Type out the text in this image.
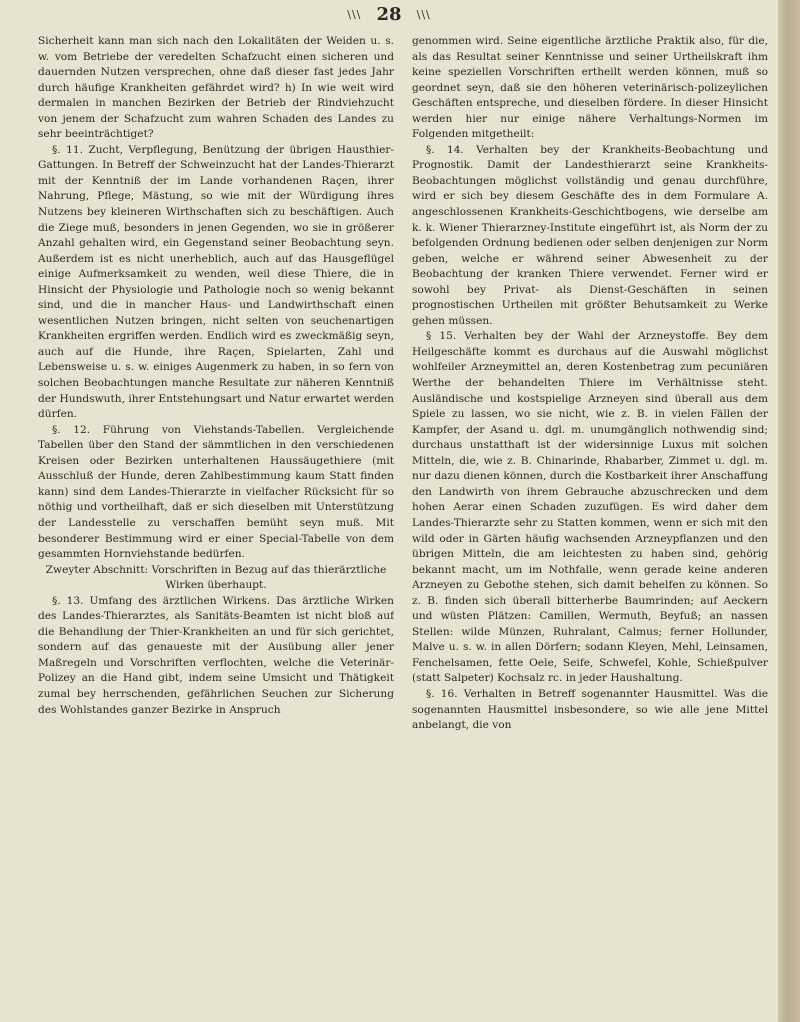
\\\ 28 \\\

Sicherheit kann man sich nach den Lokalitäten der Weiden u. s. w. vom Betriebe der veredelten Schafzucht einen sicheren und dauernden Nutzen versprechen, ohne daß dieser fast jedes Jahr durch häufige Krankheiten gefährdet wird? h) In wie weit wird dermalen in manchen Bezirken der Betrieb der Rindviehzucht von jenem der Schafzucht zum wahren Schaden des Landes zu sehr beeinträchtiget?

§. 11. Zucht, Verpflegung, Benützung der übrigen Hausthier-Gattungen. In Betreff der Schweinzucht hat der Landes-Thierarzt mit der Kenntniß der im Lande vorhandenen Raçen, ihrer Nahrung, Pflege, Mästung, so wie mit der Würdigung ihres Nutzens bey kleineren Wirthschaften sich zu beschäftigen. Auch die Ziege muß, besonders in jenen Gegenden, wo sie in größerer Anzahl gehalten wird, ein Gegenstand seiner Beobachtung seyn. Außerdem ist es nicht unerheblich, auch auf das Hausgeflügel einige Aufmerksamkeit zu wenden, weil diese Thiere, die in Hinsicht der Physiologie und Pathologie noch so wenig bekannt sind, und die in mancher Haus- und Landwirthschaft einen wesentlichen Nutzen bringen, nicht selten von seuchenartigen Krankheiten ergriffen werden. Endlich wird es zweckmäßig seyn, auch auf die Hunde, ihre Raçen, Spielarten, Zahl und Lebensweise u. s. w. einiges Augenmerk zu haben, in so fern von solchen Beobachtungen manche Resultate zur näheren Kenntniß der Hundswuth, ihrer Entstehungsart und Natur erwartet werden dürfen.

§. 12. Führung von Viehstands-Tabellen. Vergleichende Tabellen über den Stand der sämmtlichen in den verschiedenen Kreisen oder Bezirken unterhaltenen Haussäugethiere (mit Ausschluß der Hunde, deren Zahlbestimmung kaum Statt finden kann) sind dem Landes-Thierarzte in vielfacher Rücksicht für so nöthig und vortheilhaft, daß er sich dieselben mit Unterstützung der Landesstelle zu verschaffen bemüht seyn muß. Mit besonderer Bestimmung wird er einer Special-Tabelle von dem gesammten Hornviehstande bedürfen.

Zweyter Abschnitt: Vorschriften in Bezug auf das thierärztliche Wirken überhaupt.

§. 13. Umfang des ärztlichen Wirkens. Das ärztliche Wirken des Landes-Thierarztes, als Sanitäts-Beamten ist nicht bloß auf die Behandlung der Thier-Krankheiten an und für sich gerichtet, sondern auf das genaueste mit der Ausübung aller jener Maßregeln und Vorschriften verflochten, welche die Veterinär-Polizey an die Hand gibt, indem seine Umsicht und Thätigkeit zumal bey herrschenden, gefährlichen Seuchen zur Sicherung des Wohlstandes ganzer Bezirke in Anspruch

genommen wird. Seine eigentliche ärztliche Praktik also, für die, als das Resultat seiner Kenntnisse und seiner Urtheilskraft ihm keine speziellen Vorschriften ertheilt werden können, muß so geordnet seyn, daß sie den höheren veterinärisch-polizeylichen Geschäften entspreche, und dieselben fördere. In dieser Hinsicht werden hier nur einige nähere Verhaltungs-Normen im Folgenden mitgetheilt:

§. 14. Verhalten bey der Krankheits-Beobachtung und Prognostik. Damit der Landesthierarzt seine Krankheits-Beobachtungen möglichst vollständig und genau durchführe, wird er sich bey diesem Geschäfte des in dem Formulare A. angeschlossenen Krankheits-Geschichtbogens, wie derselbe am k. k. Wiener Thierarzney-Institute eingeführt ist, als Norm der zu befolgenden Ordnung bedienen oder selben denjenigen zur Norm geben, welche er während seiner Abwesenheit zu der Beobachtung der kranken Thiere verwendet. Ferner wird er sowohl bey Privat- als Dienst-Geschäften in seinen prognostischen Urtheilen mit größter Behutsamkeit zu Werke gehen müssen.

§ 15. Verhalten bey der Wahl der Arzneystoffe. Bey dem Heilgeschäfte kommt es durchaus auf die Auswahl möglichst wohlfeiler Arzneymittel an, deren Kostenbetrag zum pecuniären Werthe der behandelten Thiere im Verhältnisse steht. Ausländische und kostspielige Arzneyen sind überall aus dem Spiele zu lassen, wo sie nicht, wie z. B. in vielen Fällen der Kampfer, der Asand u. dgl. m. unumgänglich nothwendig sind; durchaus unstatthaft ist der widersinnige Luxus mit solchen Mitteln, die, wie z. B. Chinarinde, Rhabarber, Zimmet u. dgl. m. nur dazu dienen können, durch die Kostbarkeit ihrer Anschaffung den Landwirth von ihrem Gebrauche abzuschrecken und dem hohen Aerar einen Schaden zuzufügen. Es wird daher dem Landes-Thierarzte sehr zu Statten kommen, wenn er sich mit den wild oder in Gärten häufig wachsenden Arzneypflanzen und den übrigen Mitteln, die am leichtesten zu haben sind, gehörig bekannt macht, um im Nothfalle, wenn gerade keine anderen Arzneyen zu Gebothe stehen, sich damit behelfen zu können. So z. B. finden sich überall bitterherbe Baumrinden; auf Aeckern und wüsten Plätzen: Camillen, Wermuth, Beyfuß; an nassen Stellen: wilde Münzen, Ruhralant, Calmus; ferner Hollunder, Malve u. s. w. in allen Dörfern; sodann Kleyen, Mehl, Leinsamen, Fenchelsamen, fette Oele, Seife, Schwefel, Kohle, Schießpulver (statt Salpeter) Kochsalz rc. in jeder Haushaltung.

§. 16. Verhalten in Betreff sogenannter Hausmittel. Was die sogenannten Hausmittel insbesondere, so wie alle jene Mittel anbelangt, die von
